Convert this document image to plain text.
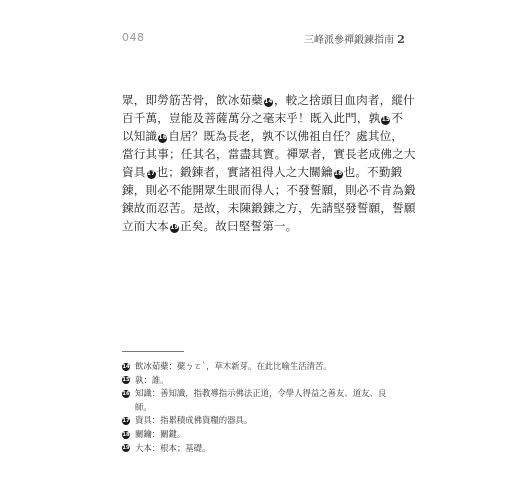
048	三峰派參禪鍛鍊指南 2
眾，即勞筋苦骨，飲冰茹蘗14，較之捨頭目血肉者，縱什
百千萬，豈能及菩薩萬分之毫末乎！既入此門，孰15不
以知識16自居？既為長老，孰不以佛祖自任？處其位，
當行其事；任其名，當盡其實。禪眾者，實長老成佛之大
資具17也；鍛錬者，實諸祖得人之大關鑰18也。不勤鍛
錬，則必不能開眾生眼而得人；不發誓願，則必不肯為鍛
錬故而忍苦。是故，未陳鍛錬之方，先請堅發誓願，誓願
立而大本19正矣。故曰堅誓第一。
14 飲冰茹蘗：蘗ㄅㄛˋ，草木新芽。在此比喻生活清苦。
15 孰：誰。
16 知識：善知識，指教導指示佛法正道，令學人得益之善友、道友、良師。
17 資具：指累積成佛資糧的器具。
18 關鑰：關鍵。
19 大本：根本；基礎。
